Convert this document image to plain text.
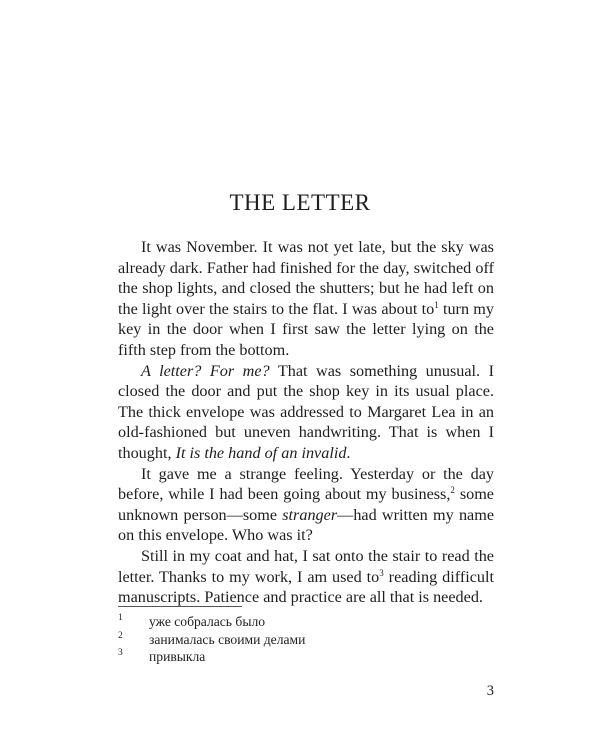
THE LETTER

It was November. It was not yet late, but the sky was already dark. Father had finished for the day, switched off the shop lights, and closed the shutters; but he had left on the light over the stairs to the flat. I was about $to^1$ turn my key in the door when I first saw the letter lying on the fifth step from the bottom.

A letter? For me? That was something unusual. I closed the door and put the shop key in its usual place. The thick envelope was addressed to Margaret Lea in an old-fashioned but uneven handwriting. That is when I thought, It is the hand of an invalid.

It gave me a strange feeling. Yesterday or the day before, while I had been going about my business,$^2$ some unknown person—some stranger—had written my name on this envelope. Who was it?

Still in my coat and hat, I sat onto the stair to read the letter. Thanks to my work, I am used $to^3$ reading difficult manuscripts. Patience and practice are all that is needed.

1 уже собралась было
2 занималась своими делами
3 привыкла
3
